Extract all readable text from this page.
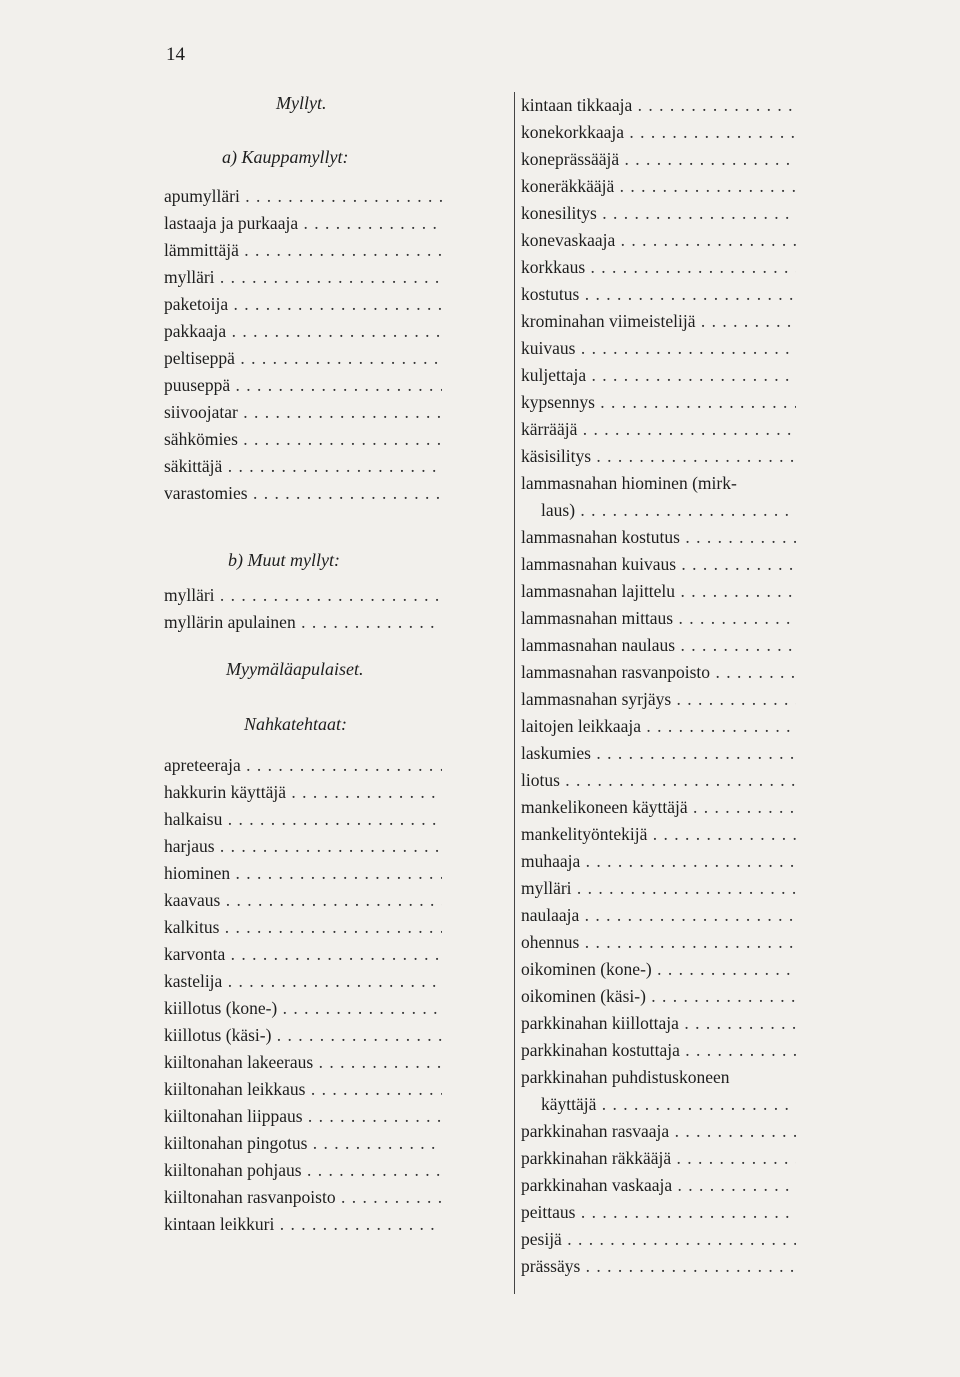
14
Myllyt.
a) Kauppamyllyt:
apumylläri . . .
lastaaja ja purkaaja . . .
lämmittäjä . . .
mylläri . . .
paketoija . . .
pakkaaja . . .
peltiseppä . . .
puuseppä . . .
siivoojatar . . .
sähkömies . . .
säkittäjä . . .
varastomies . . .
b) Muut myllyt:
mylläri . . .
myllärin apulainen . . .
Myymäläapulaiset.
Nahkatehtaat:
apreteeraja . . .
hakkurin käyttäjä . . .
halkaisu . . .
harjaus . . .
hiominen . . .
kaavaus . . .
kalkitus . . .
karvonta . . .
kastelija . . .
kiillotus (kone-) . . .
kiillotus (käsi-) . . .
kiiltonahan lakeeraus . . .
kiiltonahan leikkaus . . .
kiiltonahan liippaus . . .
kiiltonahan pingotus . . .
kiiltonahan pohjaus . . .
kiiltonahan rasvanpoisto . . .
kintaan leikkuri . . .
kintaan tikkaaja . . .
konekorkkaaja . . .
koneprässääjä . . .
koneräkkääjä . . .
konesilitys . . .
konevaskaaja . . .
korkkaus . . .
kostutus . . .
krominahan viimeistelijä . . .
kuivaus . . .
kuljettaja . . .
kypsennys . . .
kärrääjä . . .
käsisilitys . . .
lammasnahan hiominen (mirk-
laus) . . .
lammasnahan kostutus . . .
lammasnahan kuivaus . . .
lammasnahan lajittelu . . .
lammasnahan mittaus . . .
lammasnahan naulaus . . .
lammasnahan rasvanpoisto . . .
lammasnahan syrjäys . . .
laitojen leikkaaja . . .
laskumies . . .
liotus . . .
mankelikoneen käyttäjä . . .
mankelityöntekijä . . .
muhaaja . . .
mylläri . . .
naulaaja . . .
ohennus . . .
oikominen (kone-) . . .
oikominen (käsi-) . . .
parkkinahan kiillottaja . . .
parkkinahan kostuttaja . . .
parkkinahan puhdistuskoneen
käyttäjä . . .
parkkinahan rasvaaja . . .
parkkinahan räkkääjä . . .
parkkinahan vaskaaja . . .
peittaus . . .
pesijä . . .
prässäys . . .
